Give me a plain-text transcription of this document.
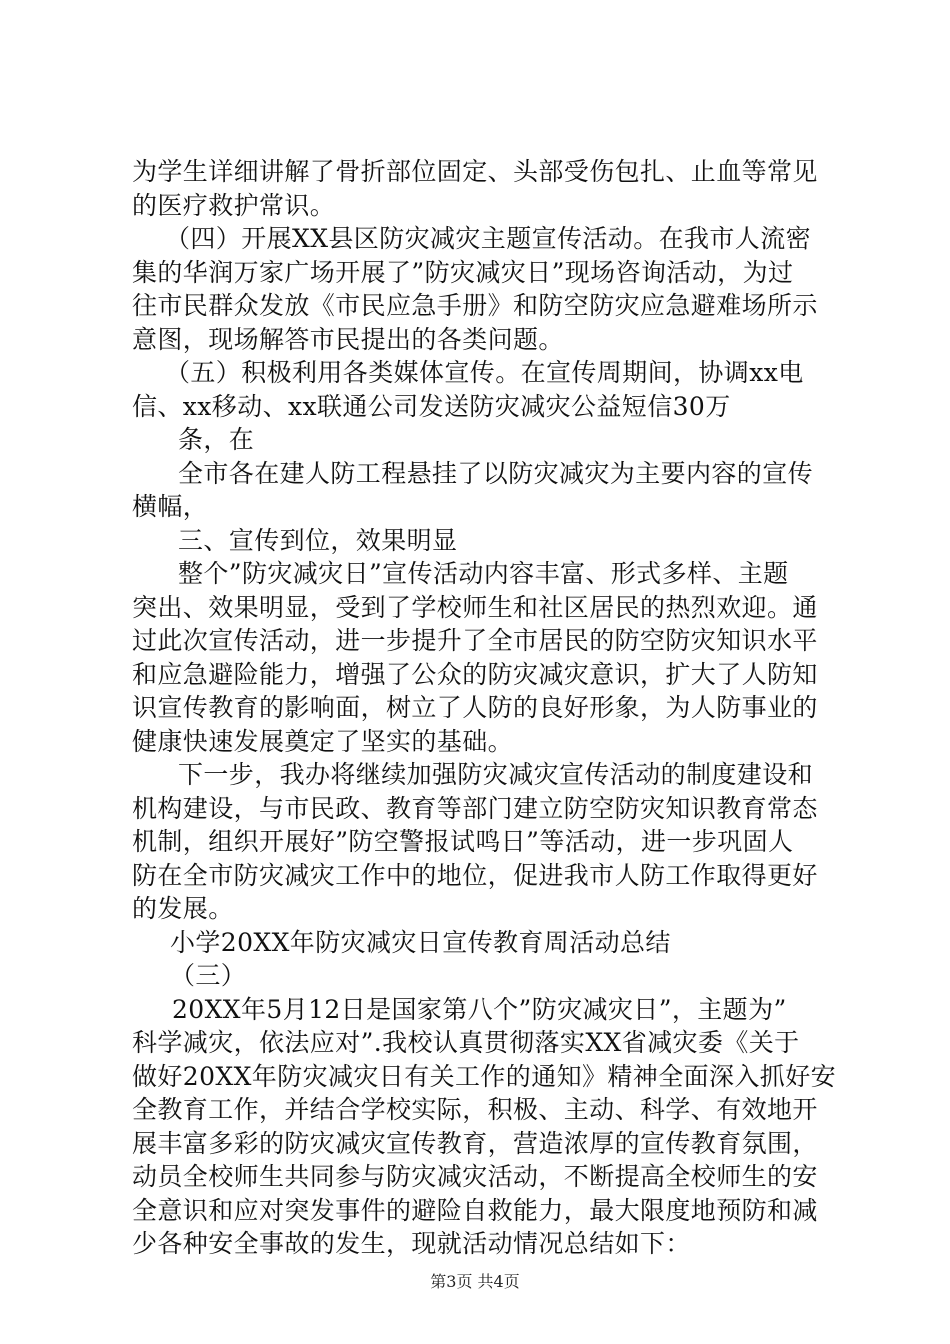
为学生详细讲解了骨折部位固定、头部受伤包扎、止血等常见
的医疗救护常识。
（四）开展XX县区防灾减灾主题宣传活动。在我市人流密
集的华润万家广场开展了”防灾减灾日”现场咨询活动，为过
往市民群众发放《市民应急手册》和防空防灾应急避难场所示
意图，现场解答市民提出的各类问题。
（五）积极利用各类媒体宣传。在宣传周期间，协调xx电
信、xx移动、xx联通公司发送防灾减灾公益短信30万
条，在
全市各在建人防工程悬挂了以防灾减灾为主要内容的宣传
横幅，
三、宣传到位，效果明显
整个”防灾减灾日”宣传活动内容丰富、形式多样、主题
突出、效果明显，受到了学校师生和社区居民的热烈欢迎。通
过此次宣传活动，进一步提升了全市居民的防空防灾知识水平
和应急避险能力，增强了公众的防灾减灾意识，扩大了人防知
识宣传教育的影响面，树立了人防的良好形象，为人防事业的
健康快速发展奠定了坚实的基础。
下一步，我办将继续加强防灾减灾宣传活动的制度建设和
机构建设，与市民政、教育等部门建立防空防灾知识教育常态
机制，组织开展好”防空警报试鸣日”等活动，进一步巩固人
防在全市防灾减灾工作中的地位，促进我市人防工作取得更好
的发展。
小学20XX年防灾减灾日宣传教育周活动总结
（三）
20XX年5月12日是国家第八个”防灾减灾日”，主题为”
科学减灾，依法应对”.我校认真贯彻落实XX省减灾委《关于
做好20XX年防灾减灾日有关工作的通知》精神全面深入抓好安
全教育工作，并结合学校实际，积极、主动、科学、有效地开
展丰富多彩的防灾减灾宣传教育，营造浓厚的宣传教育氛围，
动员全校师生共同参与防灾减灾活动，不断提高全校师生的安
全意识和应对突发事件的避险自救能力，最大限度地预防和减
少各种安全事故的发生，现就活动情况总结如下：
第3页 共4页
